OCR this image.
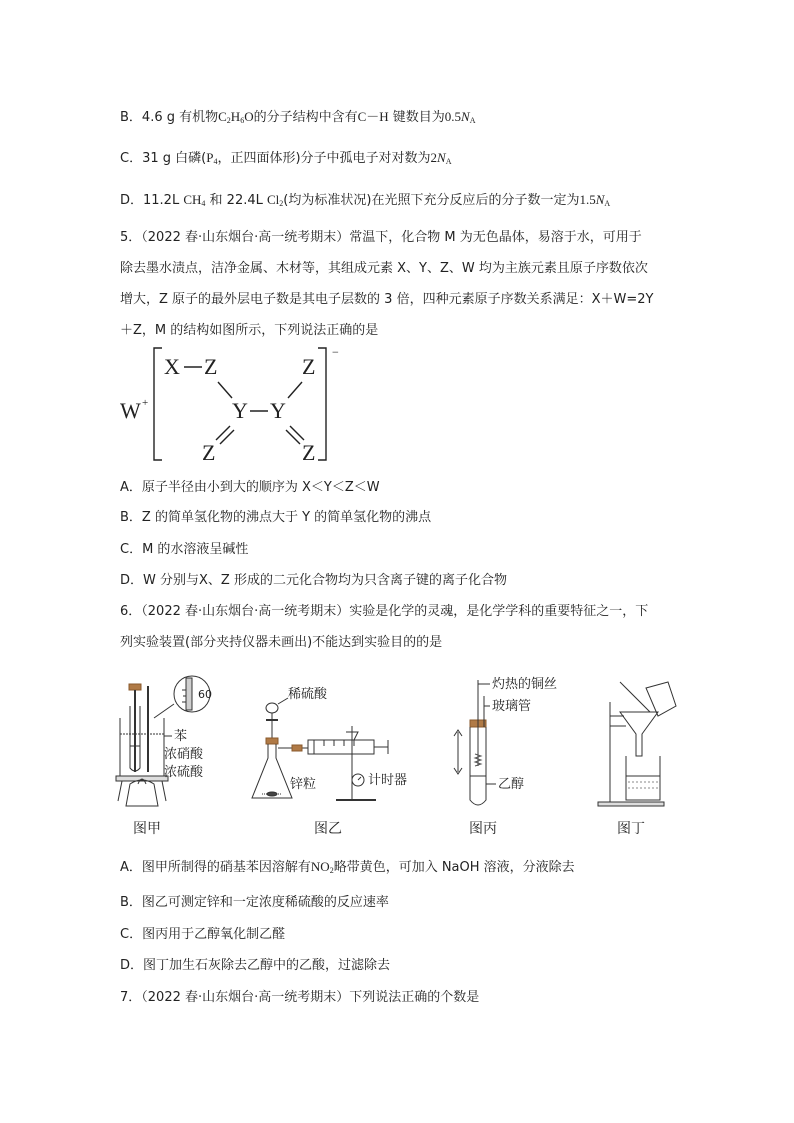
B．4.6 g 有机物$C_2H_6O$的分子结构中含有C－H 键数目为$0.5N_A$
C．31 g 白磷($P_4$，正四面体形)分子中孤电子对对数为$2N_A$
D．11.2L $CH_4$ 和 22.4L $Cl_2$(均为标准状况)在光照下充分反应后的分子数一定为$1.5N_A$
5．（2022 春·山东烟台·高一统考期末）常温下，化合物 M 为无色晶体，易溶于水，可用于
除去墨水渍点，洁净金属、木材等，其组成元素 X、Y、Z、W 均为主族元素且原子序数依次
增大，Z 原子的最外层电子数是其电子层数的 3 倍，四种元素原子序数关系满足：X＋W=2Y
＋Z，M 的结构如图所示，下列说法正确的是
W +
−
X Z	Z
Y Y
Z	Z
A．原子半径由小到大的顺序为 X＜Y＜Z＜W
B．Z 的简单氢化物的沸点大于 Y 的简单氢化物的沸点
C．M 的水溶液呈碱性
D．W 分别与X、Z 形成的二元化合物均为只含离子键的离子化合物
6．（2022 春·山东烟台·高一统考期末）实验是化学的灵魂，是化学学科的重要特征之一，下
列实验装置(部分夹持仪器未画出)不能达到实验目的的是
60
苯
浓硝酸
浓硫酸
稀硫酸
锌粒	计时器
灼热的铜丝
玻璃管
乙醇
图甲	图乙	图丙	图丁
A．图甲所制得的硝基苯因溶解有$NO_2$略带黄色，可加入 NaOH 溶液，分液除去
B．图乙可测定锌和一定浓度稀硫酸的反应速率
C．图丙用于乙醇氧化制乙醛
D．图丁加生石灰除去乙醇中的乙酸，过滤除去
7．（2022 春·山东烟台·高一统考期末）下列说法正确的个数是
